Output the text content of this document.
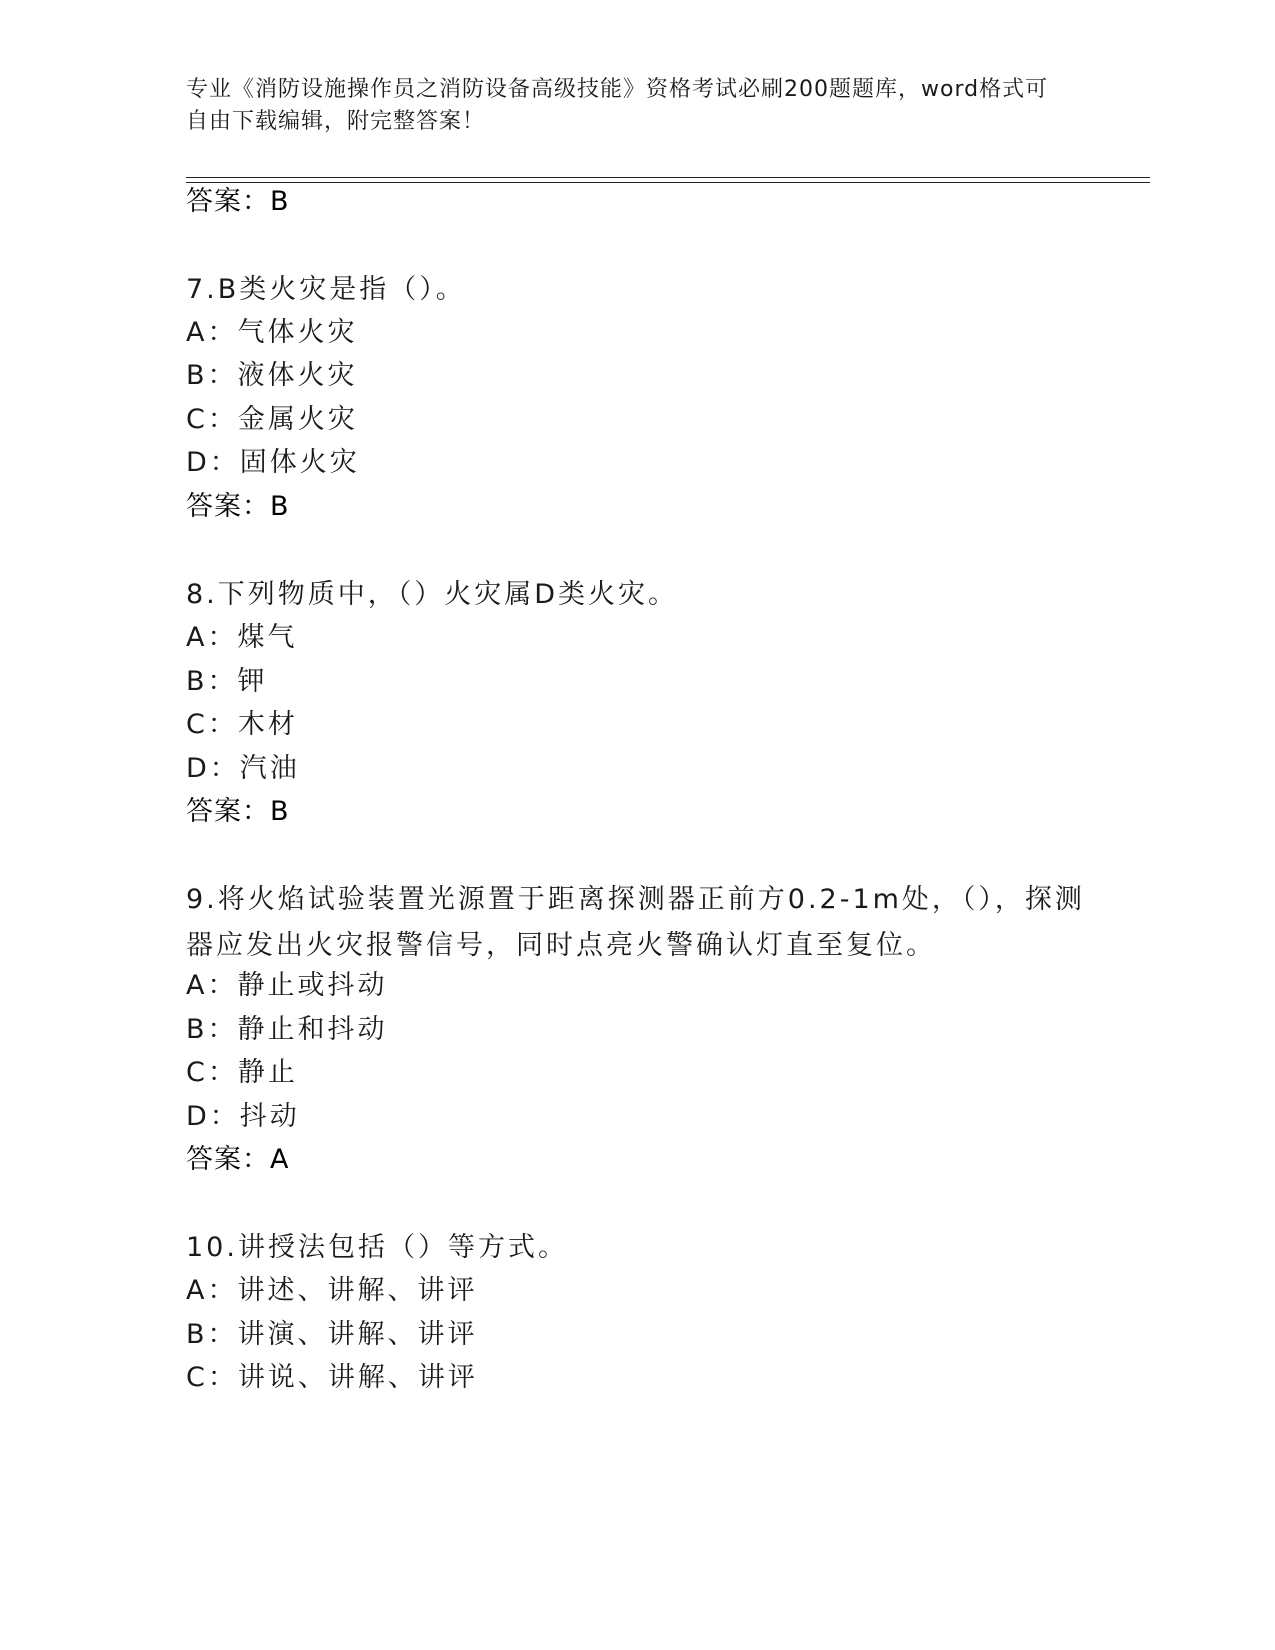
专业《消防设施操作员之消防设备高级技能》资格考试必刷200题题库，word格式可自由下载编辑，附完整答案！
答案：B
7.B类火灾是指（）。
A：气体火灾
B：液体火灾
C：金属火灾
D：固体火灾
答案：B
8.下列物质中，（）火灾属D类火灾。
A：煤气
B：钾
C：木材
D：汽油
答案：B
9.将火焰试验装置光源置于距离探测器正前方0.2-1m处，（），探测器应发出火灾报警信号，同时点亮火警确认灯直至复位。
A：静止或抖动
B：静止和抖动
C：静止
D：抖动
答案：A
10.讲授法包括（）等方式。
A：讲述、讲解、讲评
B：讲演、讲解、讲评
C：讲说、讲解、讲评
